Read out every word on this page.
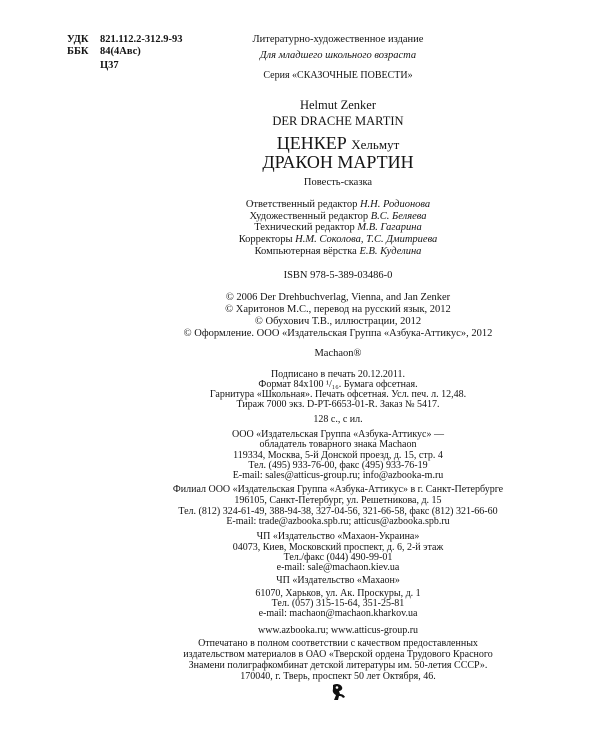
УДК 821.112.2-312.9-93
ББК 84(4Авс)
Ц37
Литературно-художественное издание
Для младшего школьного возраста
Серия «СКАЗОЧНЫЕ ПОВЕСТИ»
Helmut Zenker
DER DRACHE MARTIN
ЦЕНКЕР Хельмут
ДРАКОН МАРТИН
Повесть-сказка
Ответственный редактор Н.Н. Родионова
Художественный редактор В.С. Беляева
Технический редактор М.В. Гагарина
Корректоры Н.М. Соколова, Т.С. Дмитриева
Компьютерная вёрстка Е.В. Куделина
ISBN 978-5-389-03486-0
© 2006 Der Drehbuchverlag, Vienna, and Jan Zenker
© Харитонов М.С., перевод на русский язык, 2012
© Обухович Т.В., иллюстрации, 2012
© Оформление. ООО «Издательская Группа «Азбука-Аттикус», 2012
Machaon®
Подписано в печать 20.12.2011.
Формат 84x100 ¹/₁₆. Бумага офсетная.
Гарнитура «Школьная». Печать офсетная. Усл. печ. л. 12,48.
Тираж 7000 экз. D-PT-6653-01-R. Заказ № 5417.
128 с., с ил.
ООО «Издательская Группа «Азбука-Аттикус» —
обладатель товарного знака Machaon
119334, Москва, 5-й Донской проезд, д. 15, стр. 4
Тел. (495) 933-76-00, факс (495) 933-76-19
E-mail: sales@atticus-group.ru; info@azbooka-m.ru
Филиал ООО «Издательская Группа «Азбука-Аттикус» в г. Санкт-Петербурге
196105, Санкт-Петербург, ул. Решетникова, д. 15
Тел. (812) 324-61-49, 388-94-38, 327-04-56, 321-66-58, факс (812) 321-66-60
E-mail: trade@azbooka.spb.ru; atticus@azbooka.spb.ru
ЧП «Издательство «Махаон-Украина»
04073, Киев, Московский проспект, д. 6, 2-й этаж
Тел./факс (044) 490-99-01
e-mail: sale@machaon.kiev.ua
ЧП «Издательство «Махаон»
61070, Харьков, ул. Ак. Проскуры, д. 1
Тел. (057) 315-15-64, 351-25-81
e-mail: machaon@machaon.kharkov.ua
www.azbooka.ru; www.atticus-group.ru
Отпечатано в полном соответствии с качеством предоставленных
издательством материалов в ОАО «Тверской ордена Трудового Красного
Знамени полиграфкомбинат детской литературы им. 50-летия СССР».
170040, г. Тверь, проспект 50 лет Октября, 46.
